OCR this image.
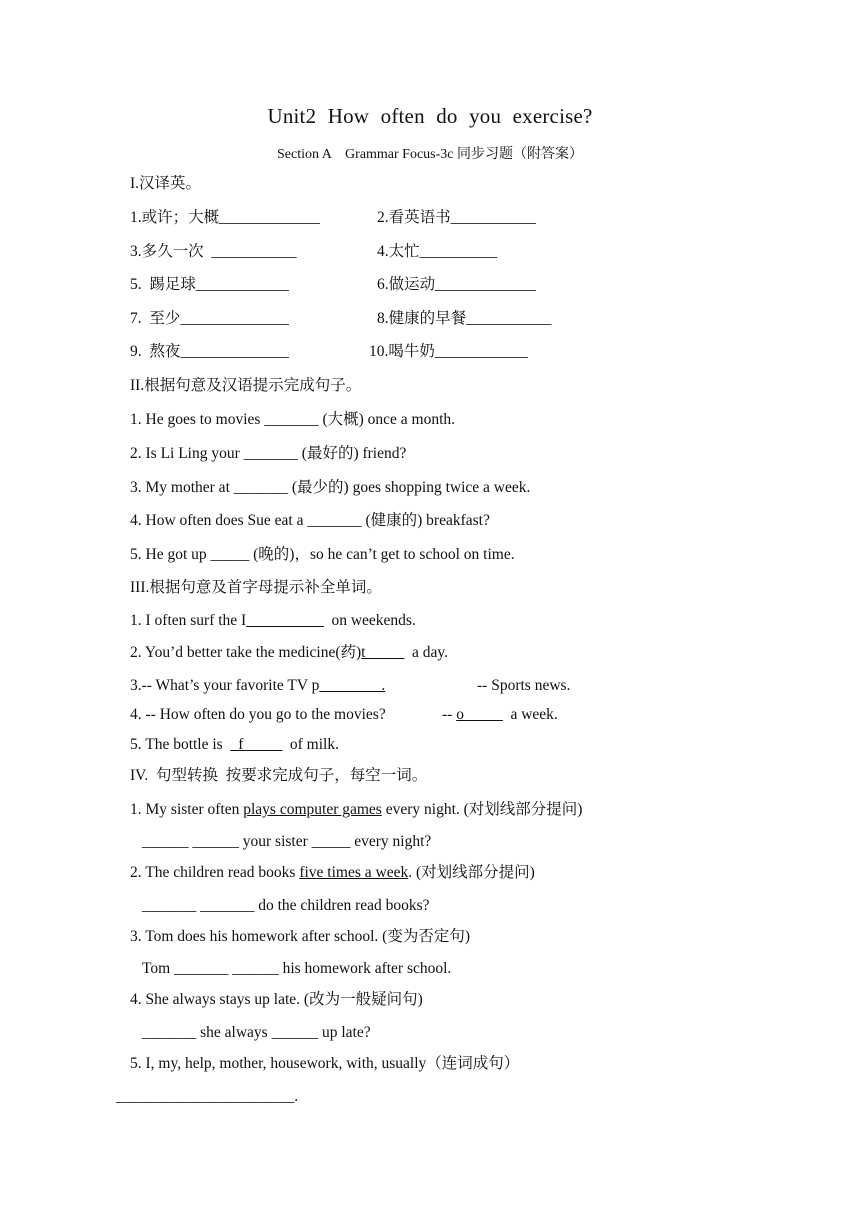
Unit2 How often do you exercise?
Section A　Grammar Focus-3c 同步习题（附答案）
I.汉译英。
1.或许；大概_____________	2.看英语书___________
3.多久一次  ___________	4.太忙__________
5.  踢足球____________	6.做运动_____________
7.  至少______________	8.健康的早餐___________
9.  熬夜______________	10.喝牛奶____________
II.根据句意及汉语提示完成句子。
1. He goes to movies _______ (大概) once a month.
2. Is Li Ling your _______ (最好的) friend?
3. My mother at _______ (最少的) goes shopping twice a week.
4. How often does Sue eat a _______ (健康的) breakfast?
5. He got up _____ (晚的)，so he can’t get to school on time.
III.根据句意及首字母提示补全单词。
1. I often surf the I__________  on weekends.
2. You’d better take the medicine(药)t_____  a day.
3.-- What’s your favorite TV p________.	-- Sports news.
4. -- How often do you go to the movies?	-- o_____  a week.
5. The bottle is  _f_____  of milk.
IV.  句型转换  按要求完成句子，每空一词。
1. My sister often plays computer games every night. (对划线部分提问)
______ ______ your sister _____ every night?
2. The children read books five times a week. (对划线部分提问)
_______ _______ do the children read books?
3. Tom does his homework after school. (变为否定句)
Tom _______ ______ his homework after school.
4. She always stays up late. (改为一般疑问句)
_______ she always ______ up late?
5. I, my, help, mother, housework, with, usually（连词成句）
_______________________.
